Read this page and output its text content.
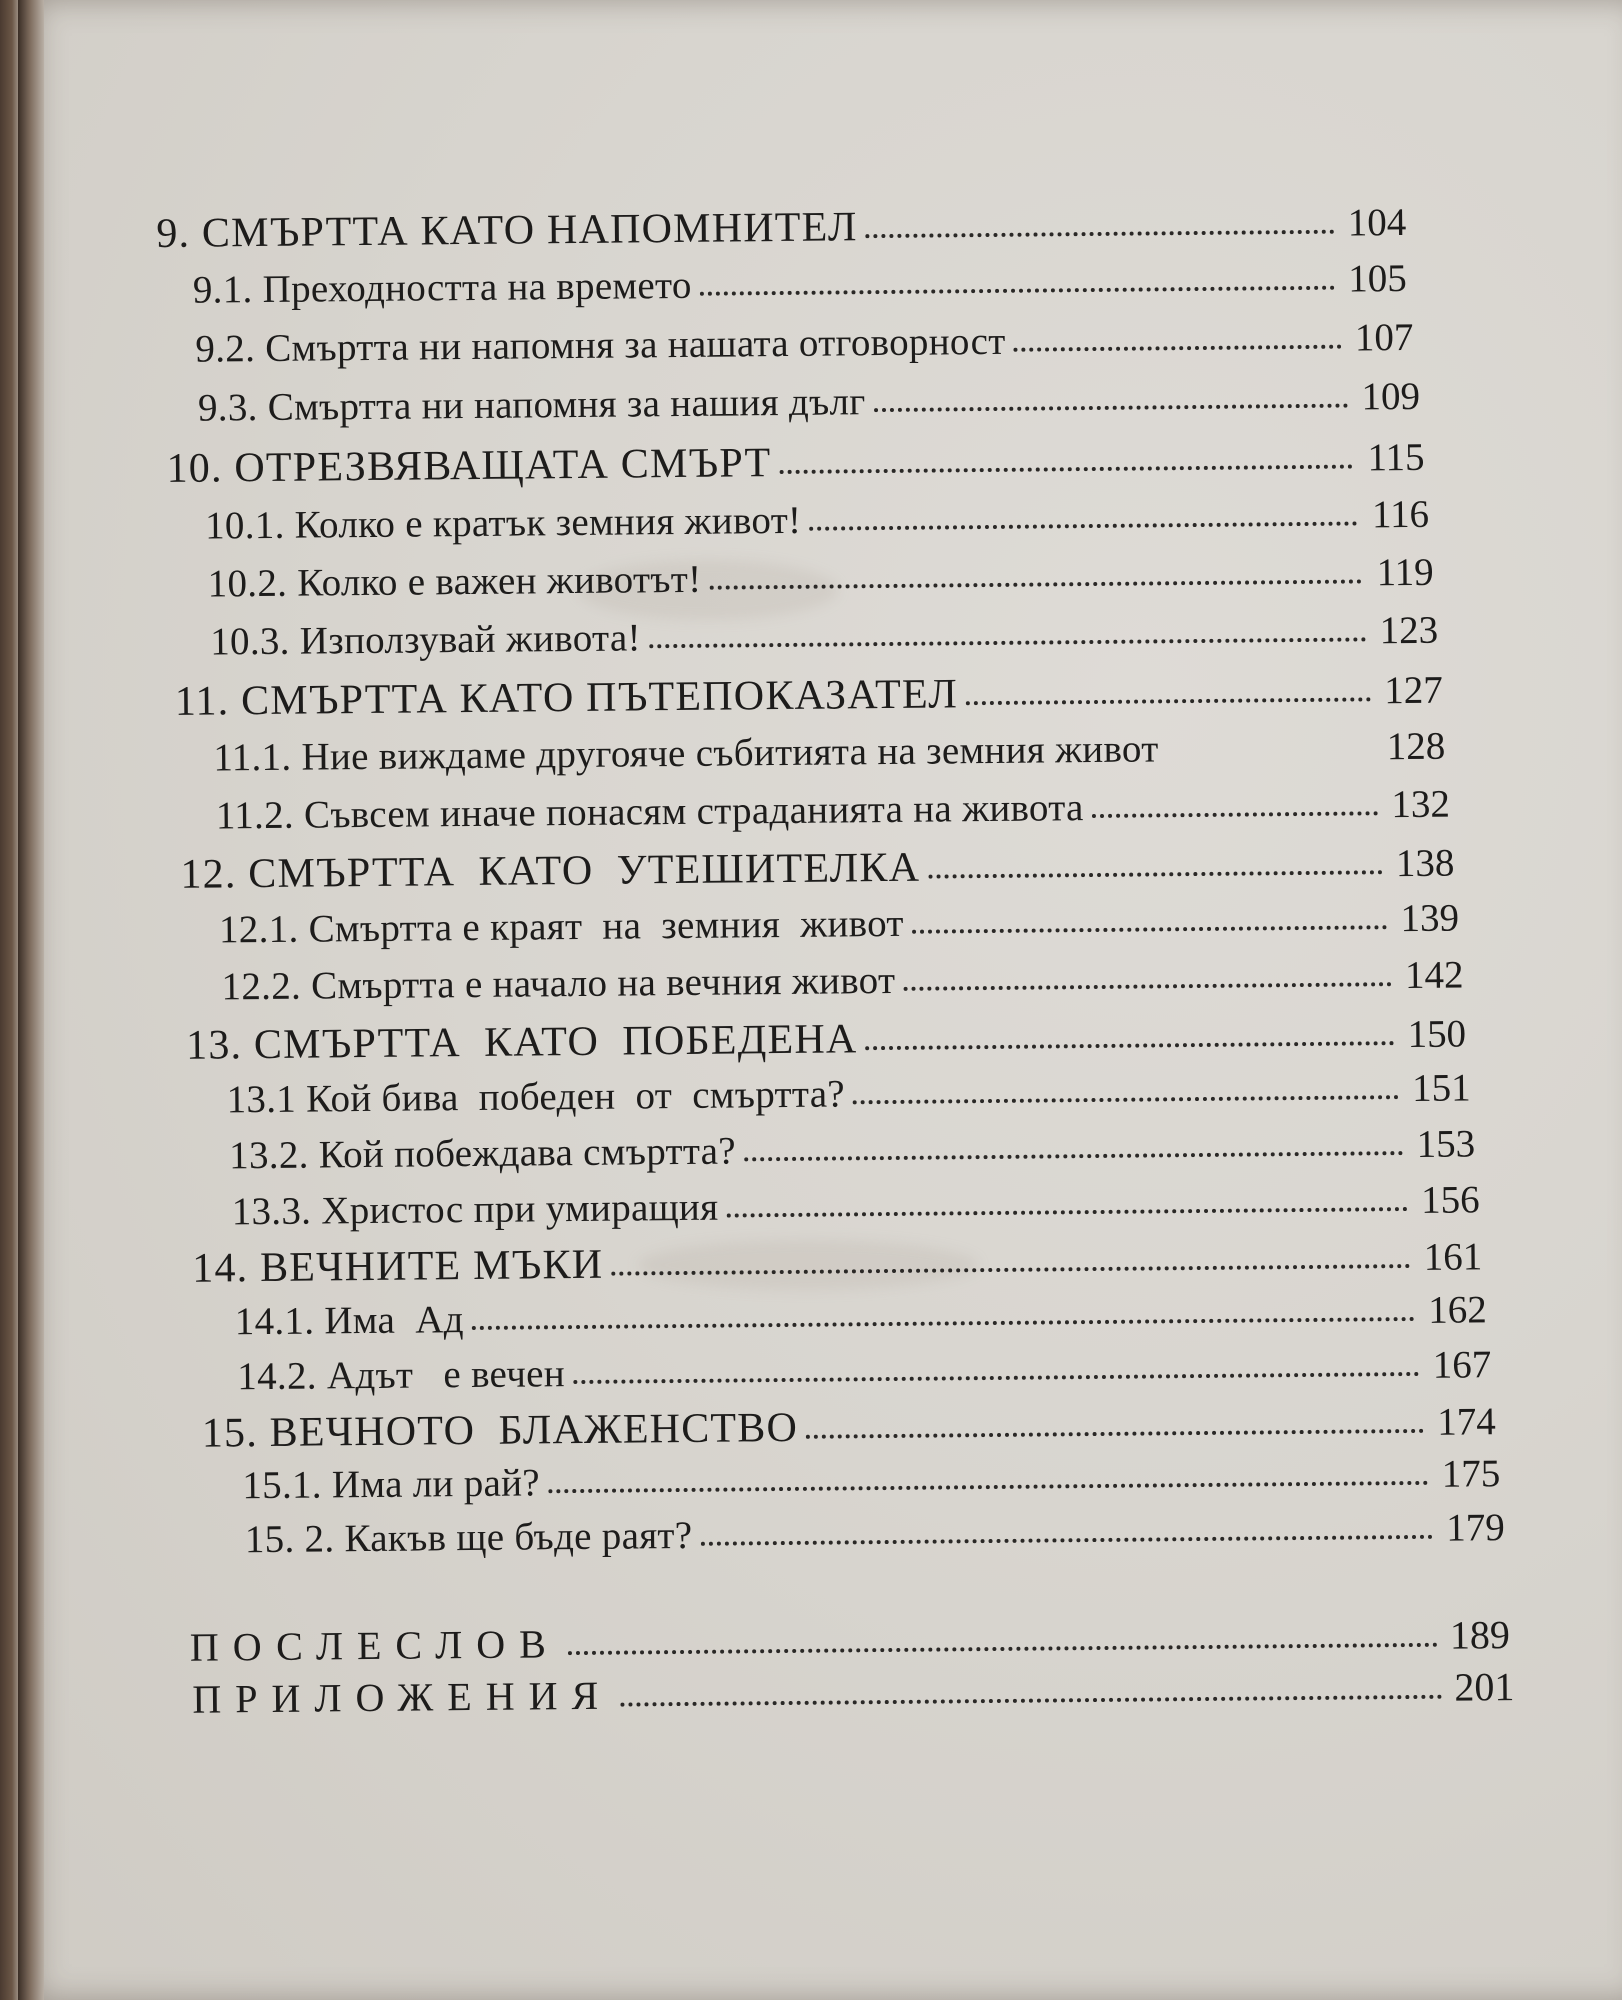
9. СМЪРТТА КАТО НАПОМНИТЕЛ	104
9.1. Преходността на времето	105
9.2. Смъртта ни напомня за нашата отговорност	107
9.3. Смъртта ни напомня за нашия дълг	109
10. ОТРЕЗВЯВАЩАТА СМЪРТ	115
10.1. Колко е кратък земния живот!	116
10.2. Колко е важен животът!	119
10.3. Използувай живота!	123
11. СМЪРТТА КАТО ПЪТЕПОКАЗАТЕЛ	127
11.1. Ние виждаме другояче събитията на земния живот	128
11.2. Съвсем иначе понасям страданията на живота	132
12. СМЪРТТА  КАТО  УТЕШИТЕЛКА	138
12.1. Смъртта е краят  на  земния  живот	139
12.2. Смъртта е начало на вечния живот	142
13. СМЪРТТА  КАТО  ПОБЕДЕНА	150
13.1 Кой бива  победен  от  смъртта?	151
13.2. Кой побеждава смъртта?	153
13.3. Христос при умиращия	156
14. ВЕЧНИТЕ МЪКИ	161
14.1. Има  Ад	162
14.2. Адът   е вечен	167
15. ВЕЧНОТО  БЛАЖЕНСТВО	174
15.1. Има ли рай?	175
15. 2. Какъв ще бъде раят?	179
ПОСЛЕСЛОВ	189
ПРИЛОЖЕНИЯ	201
